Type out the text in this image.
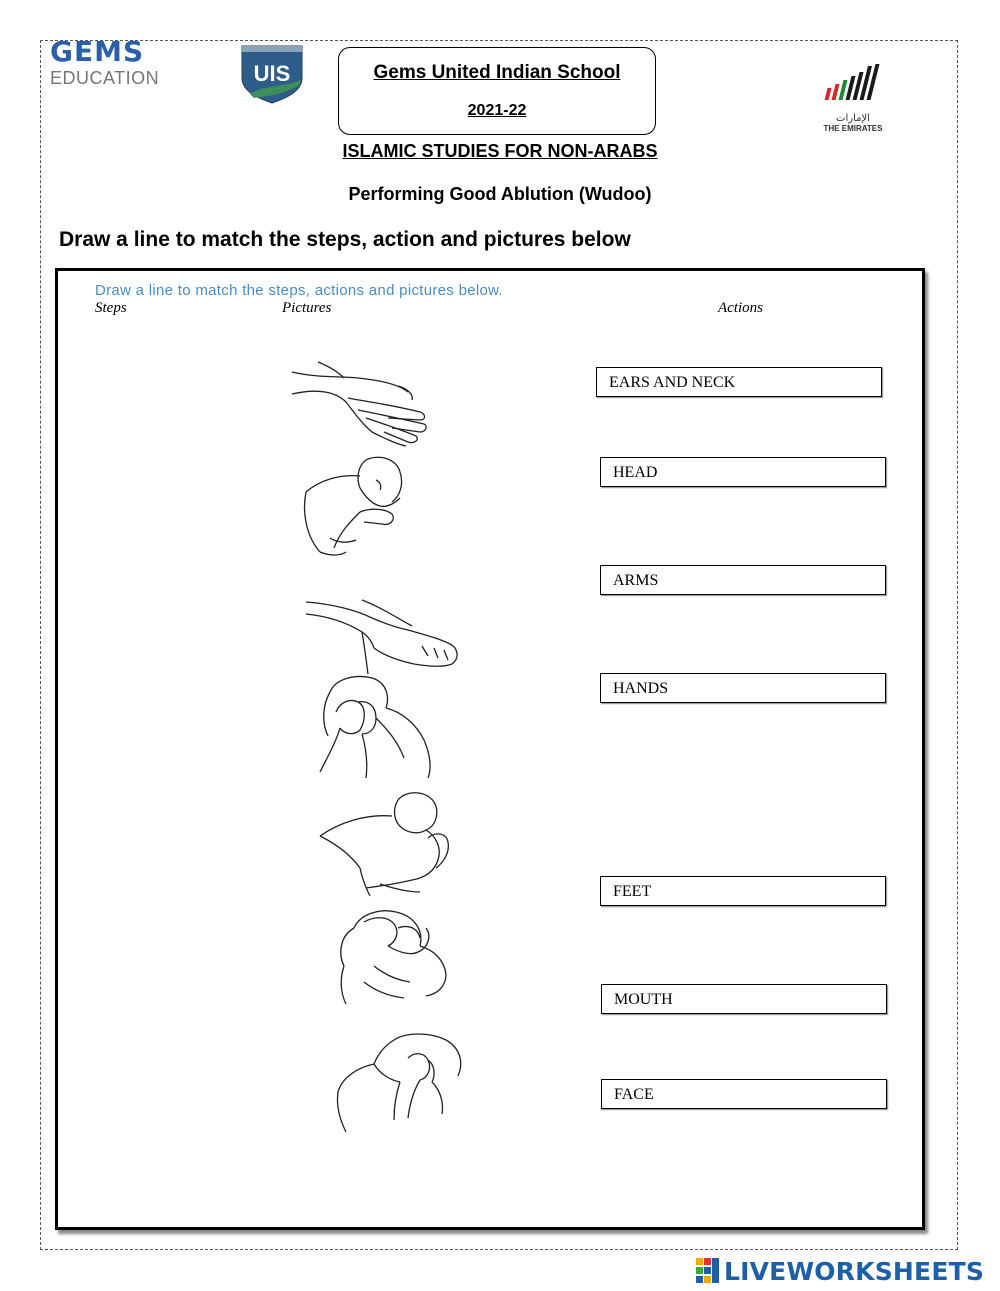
GEMS
EDUCATION	UIS	Gems United Indian School
2021-22	الإمارات
THE EMIRATES
ISLAMIC STUDIES FOR NON-ARABS
Performing Good Ablution (Wudoo)
Draw a line to match the steps, action and pictures below
Draw a line to match the steps, actions and pictures below.
Steps	Pictures	Actions
EARS AND NECK
HEAD
ARMS
HANDS
FEET
MOUTH
FACE
LIVEWORKSHEETS
